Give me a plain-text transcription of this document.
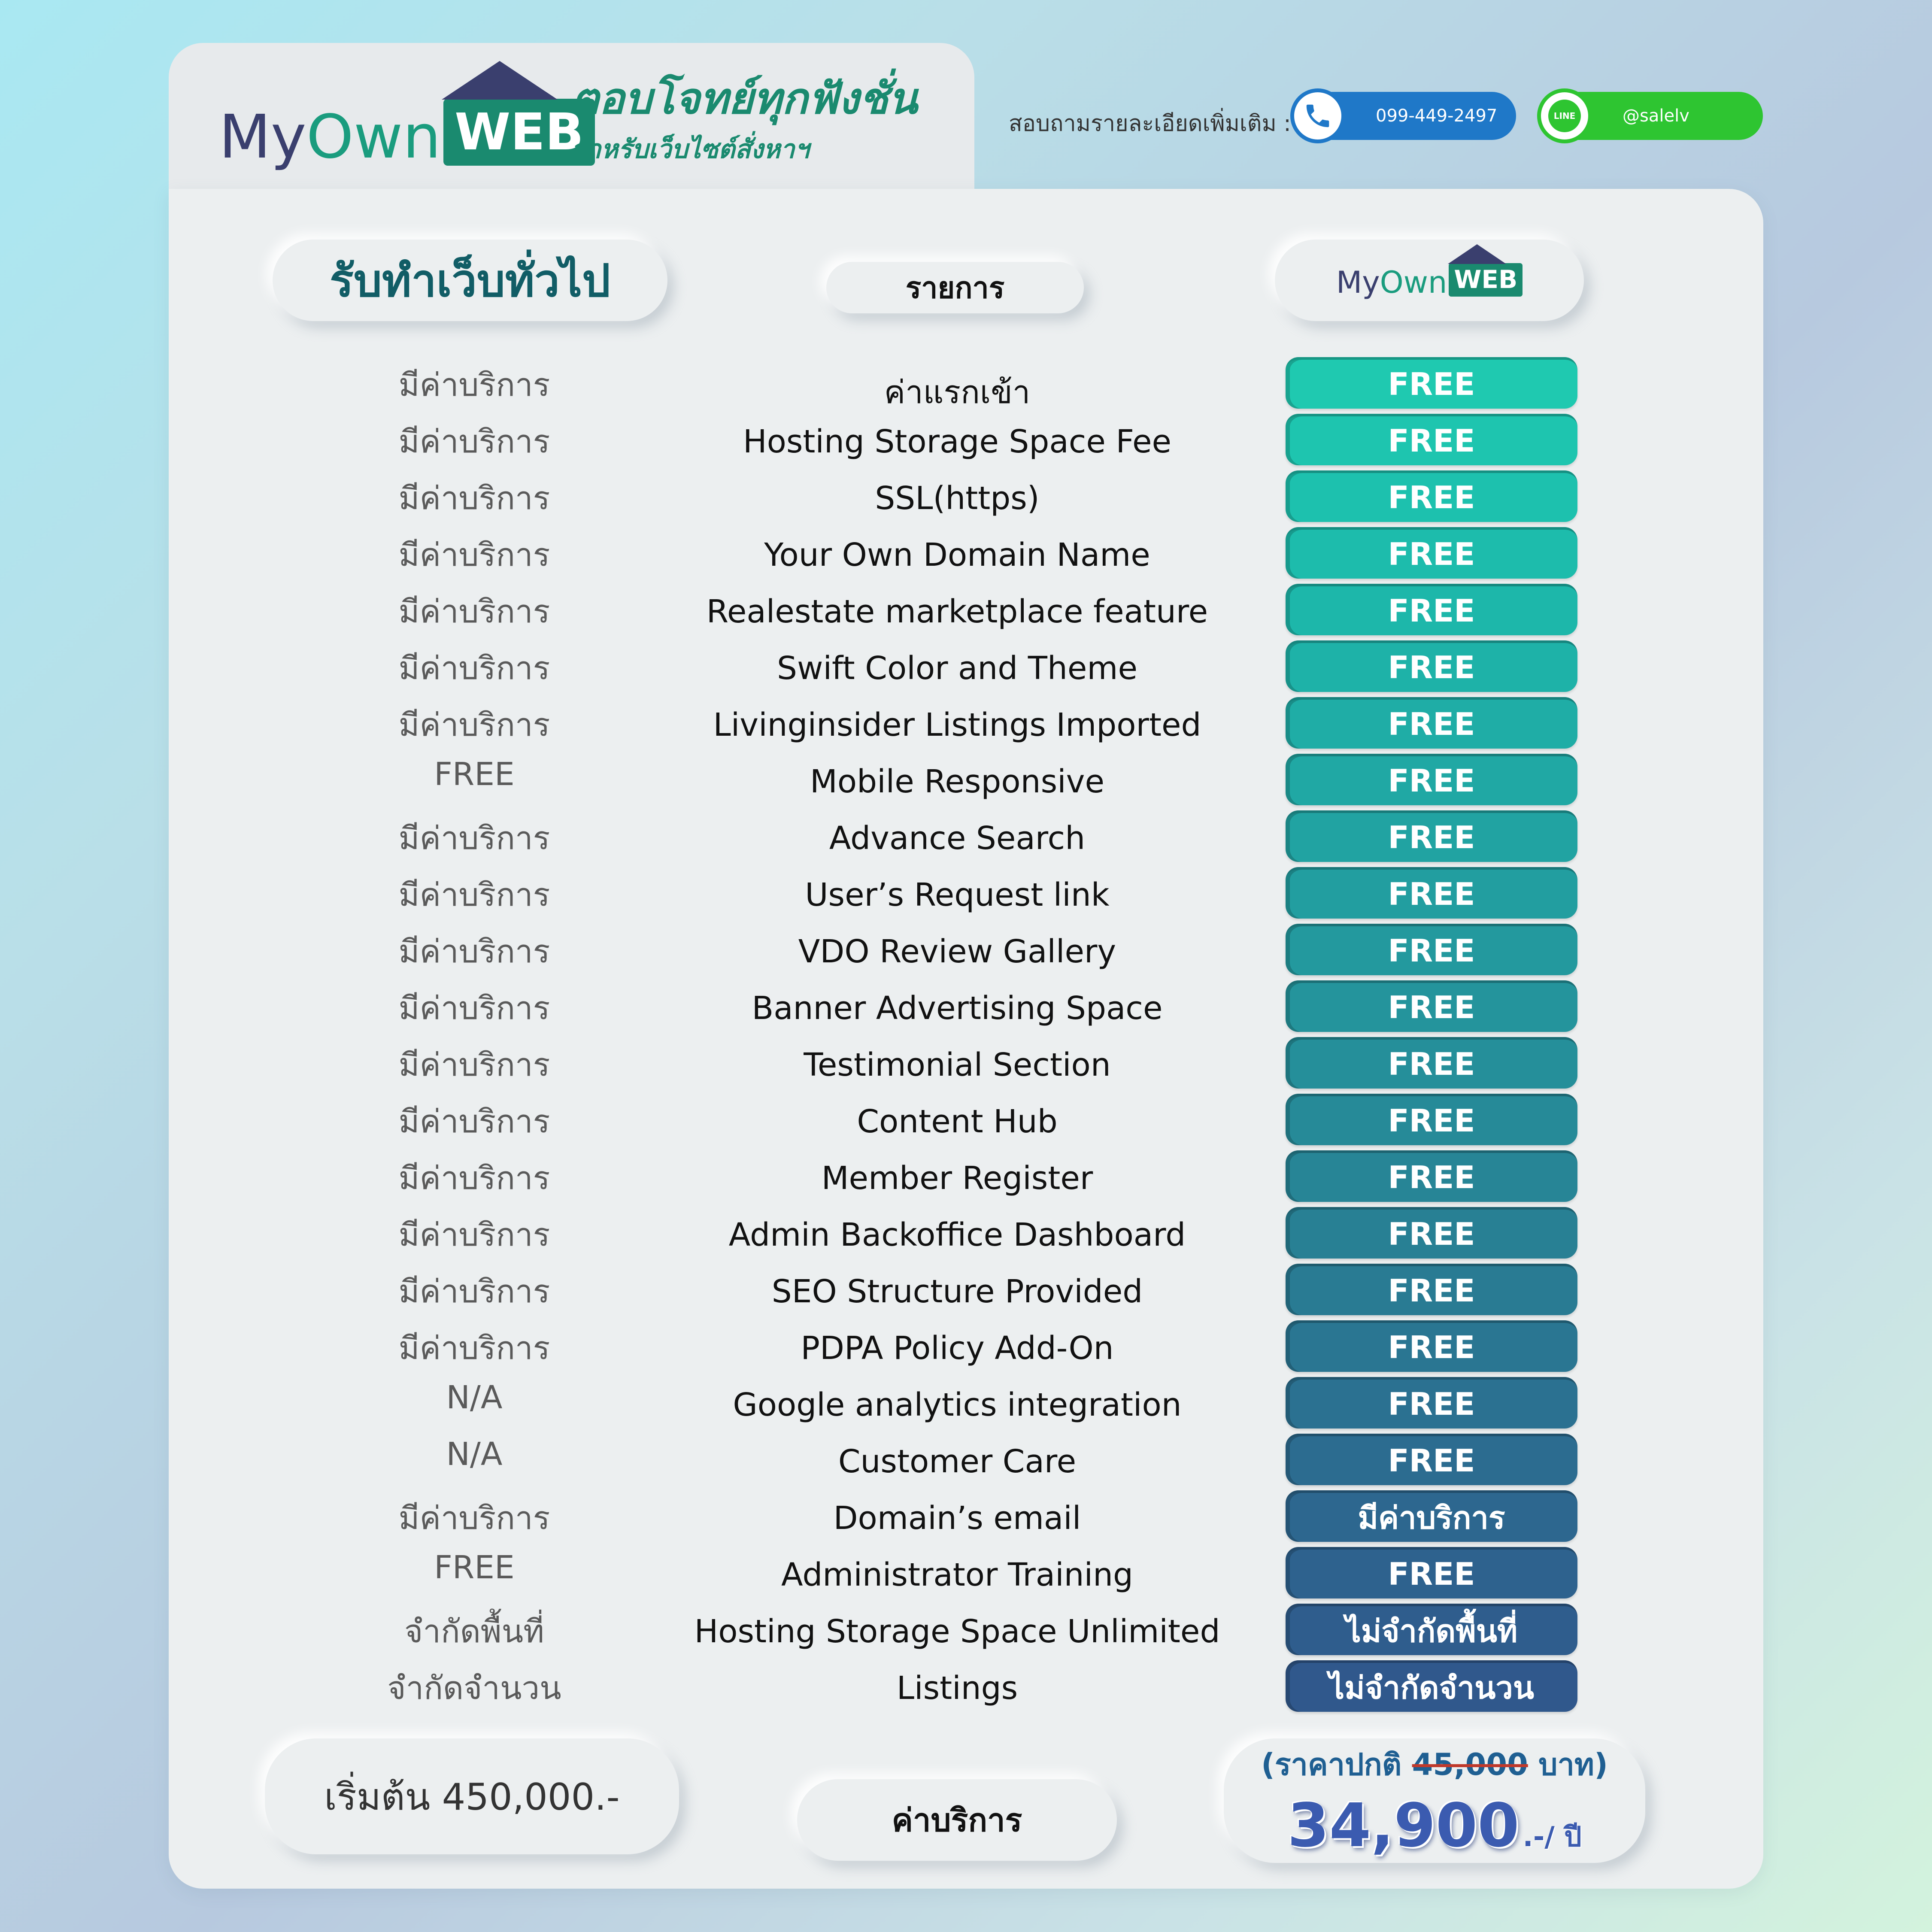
My Own WEB
ตอบโจทย์ทุกฟังชั่น
สำหรับเว็บไซต์สั่งหาฯ
สอบถามรายละเอียดเพิ่มเติม :	099-449-2497	LINE	@salelv
รับทำเว็บทั่วไป	รายการ	My Own WEB
มีค่าบริการ	ค่าแรกเข้า	FREE
มีค่าบริการ	Hosting Storage Space Fee	FREE
มีค่าบริการ	SSL(https)	FREE
มีค่าบริการ	Your Own Domain Name	FREE
มีค่าบริการ	Realestate marketplace feature	FREE
มีค่าบริการ	Swift Color and Theme	FREE
มีค่าบริการ	Livinginsider Listings Imported	FREE
FREE	Mobile Responsive	FREE
มีค่าบริการ	Advance Search	FREE
มีค่าบริการ	User’s Request link	FREE
มีค่าบริการ	VDO Review Gallery	FREE
มีค่าบริการ	Banner Advertising Space	FREE
มีค่าบริการ	Testimonial Section	FREE
มีค่าบริการ	Content Hub	FREE
มีค่าบริการ	Member Register	FREE
มีค่าบริการ	Admin Backoffice Dashboard	FREE
มีค่าบริการ	SEO Structure Provided	FREE
มีค่าบริการ	PDPA Policy Add-On	FREE
N/A	Google analytics integration	FREE
N/A	Customer Care	FREE
มีค่าบริการ	Domain’s email	มีค่าบริการ
FREE	Administrator Training	FREE
จำกัดพื้นที่	Hosting Storage Space Unlimited	ไม่จำกัดพื้นที่
จำกัดจำนวน	Listings	ไม่จำกัดจำนวน
เริ่มต้น 450,000.-
ค่าบริการ
(ราคาปกติ 45,000 บาท)
34,900 .-/ ปี
